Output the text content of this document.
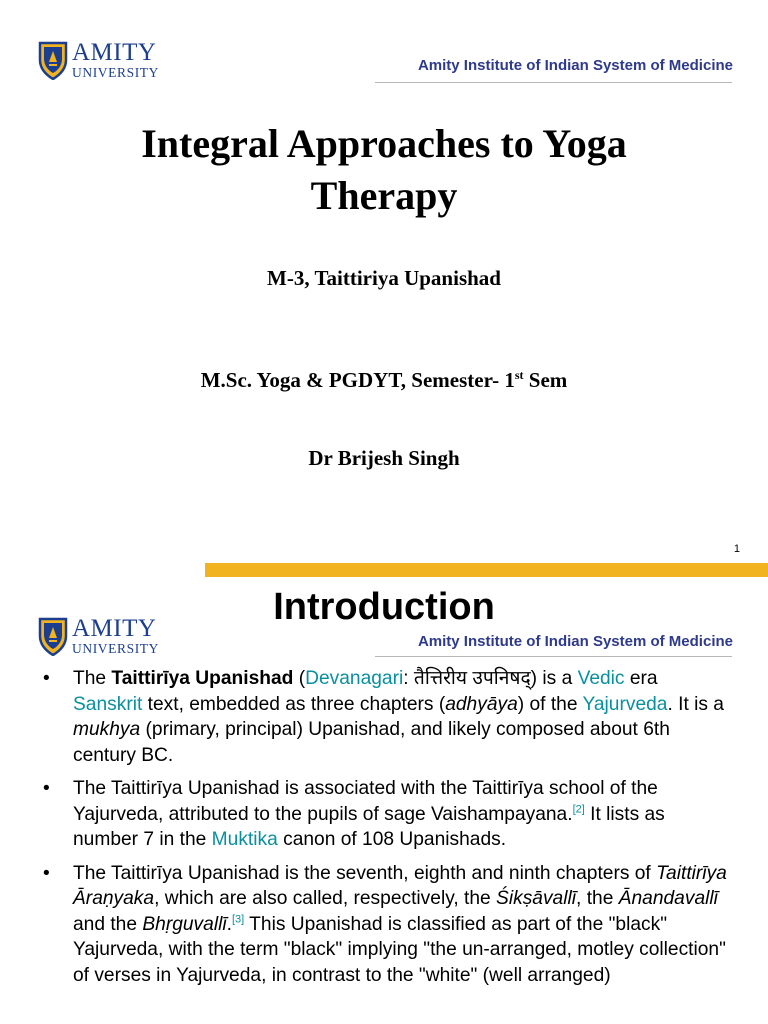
AMITY
UNIVERSITY	Amity Institute of Indian System of Medicine
Integral Approaches to Yoga
Therapy
M-3, Taittiriya Upanishad
M.Sc. Yoga & PGDYT, Semester- 1st Sem
Dr Brijesh Singh
1
Introduction
AMITY
UNIVERSITY	Amity Institute of Indian System of Medicine
• The Taittirīya Upanishad (Devanagari: तैत्तिरीय उपनिषद्) is a Vedic era Sanskrit text, embedded as three chapters (adhyāya) of the Yajurveda. It is a mukhya (primary, principal) Upanishad, and likely composed about 6th century BC.
• The Taittirīya Upanishad is associated with the Taittirīya school of the Yajurveda, attributed to the pupils of sage Vaishampayana.[2] It lists as number 7 in the Muktika canon of 108 Upanishads.
• The Taittirīya Upanishad is the seventh, eighth and ninth chapters of Taittirīya Āraṇyaka, which are also called, respectively, the Śikṣāvallī, the Ānandavallī and the Bhṛguvallī.[3] This Upanishad is classified as part of the "black" Yajurveda, with the term "black" implying "the un-arranged, motley collection" of verses in Yajurveda, in contrast to the "white" (well arranged)
